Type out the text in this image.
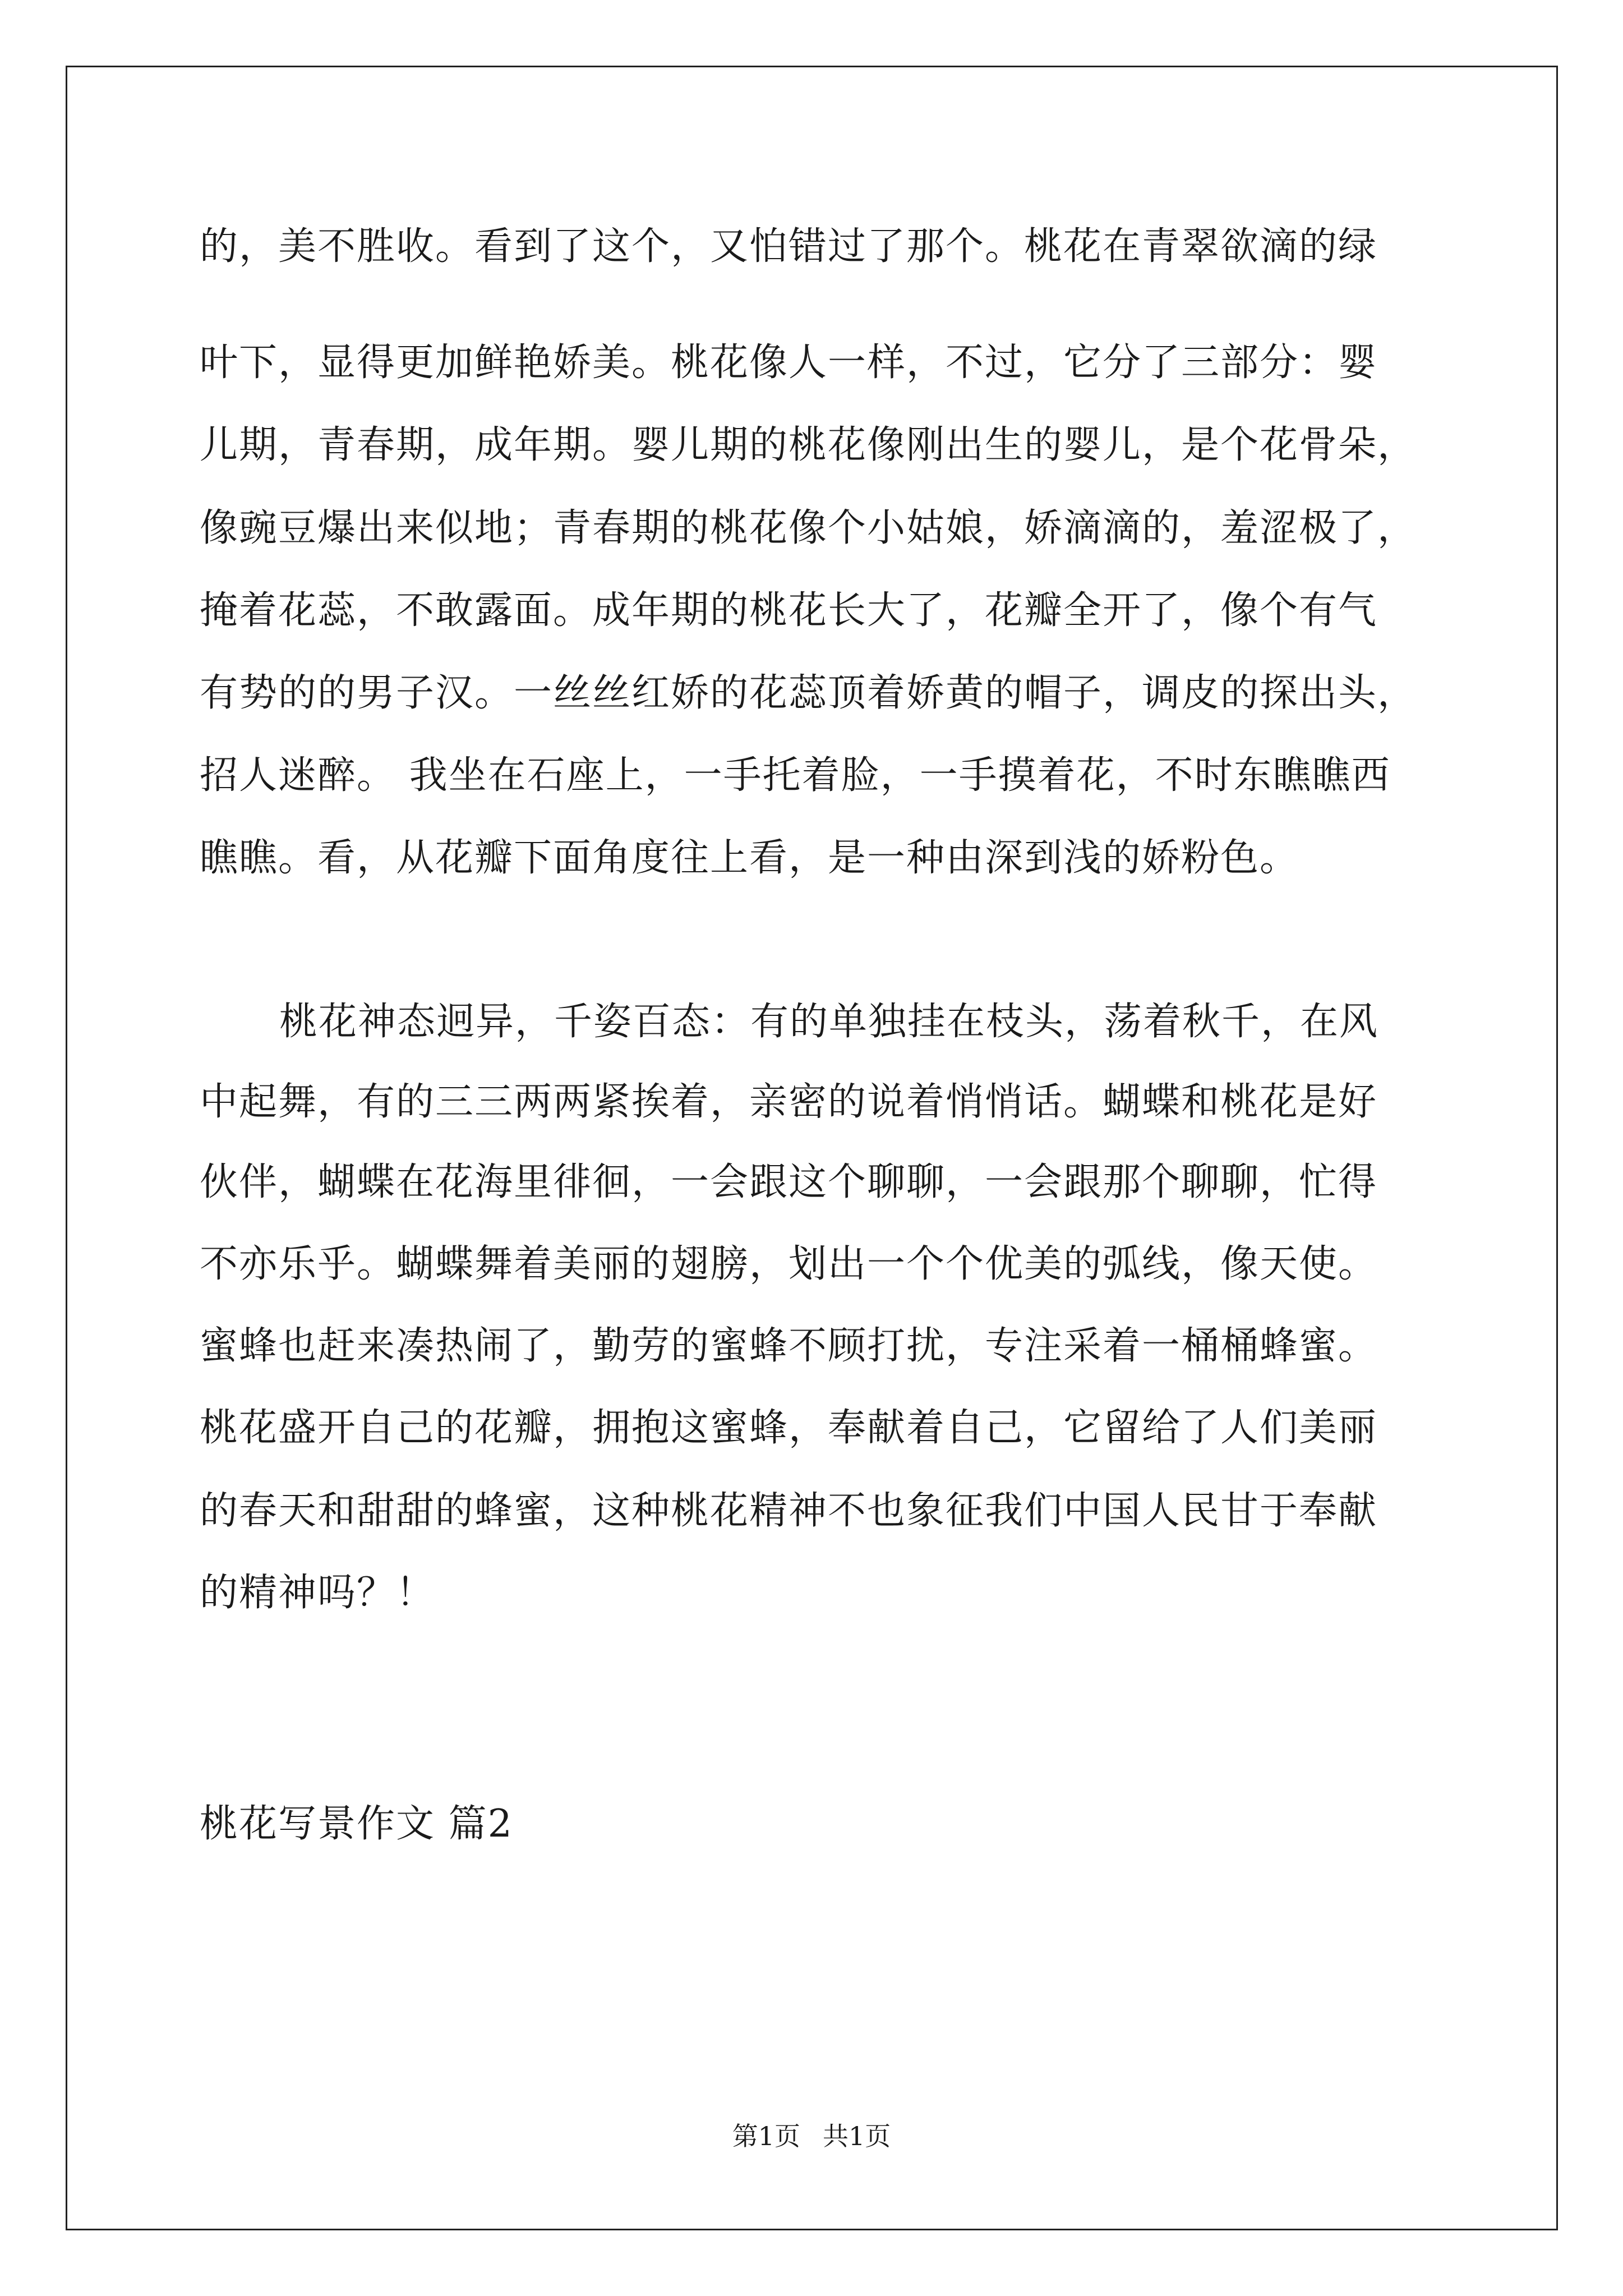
的，美不胜收。看到了这个，又怕错过了那个。桃花在青翠欲滴的绿
叶下，显得更加鲜艳娇美。桃花像人一样，不过，它分了三部分：婴
儿期，青春期，成年期。婴儿期的桃花像刚出生的婴儿，是个花骨朵，
像豌豆爆出来似地；青春期的桃花像个小姑娘，娇滴滴的，羞涩极了，
掩着花蕊，不敢露面。成年期的桃花长大了，花瓣全开了，像个有气
有势的的男子汉。一丝丝红娇的花蕊顶着娇黄的帽子，调皮的探出头，
招人迷醉。 我坐在石座上，一手托着脸，一手摸着花，不时东瞧瞧西
瞧瞧。看，从花瓣下面角度往上看，是一种由深到浅的娇粉色。
桃花神态迥异，千姿百态：有的单独挂在枝头，荡着秋千，在风
中起舞，有的三三两两紧挨着，亲密的说着悄悄话。蝴蝶和桃花是好
伙伴，蝴蝶在花海里徘徊，一会跟这个聊聊，一会跟那个聊聊，忙得
不亦乐乎。蝴蝶舞着美丽的翅膀，划出一个个优美的弧线，像天使。
蜜蜂也赶来凑热闹了，勤劳的蜜蜂不顾打扰，专注采着一桶桶蜂蜜。
桃花盛开自己的花瓣，拥抱这蜜蜂，奉献着自己，它留给了人们美丽
的春天和甜甜的蜂蜜，这种桃花精神不也象征我们中国人民甘于奉献
的精神吗？！
桃花写景作文 篇2
第1页 共1页
